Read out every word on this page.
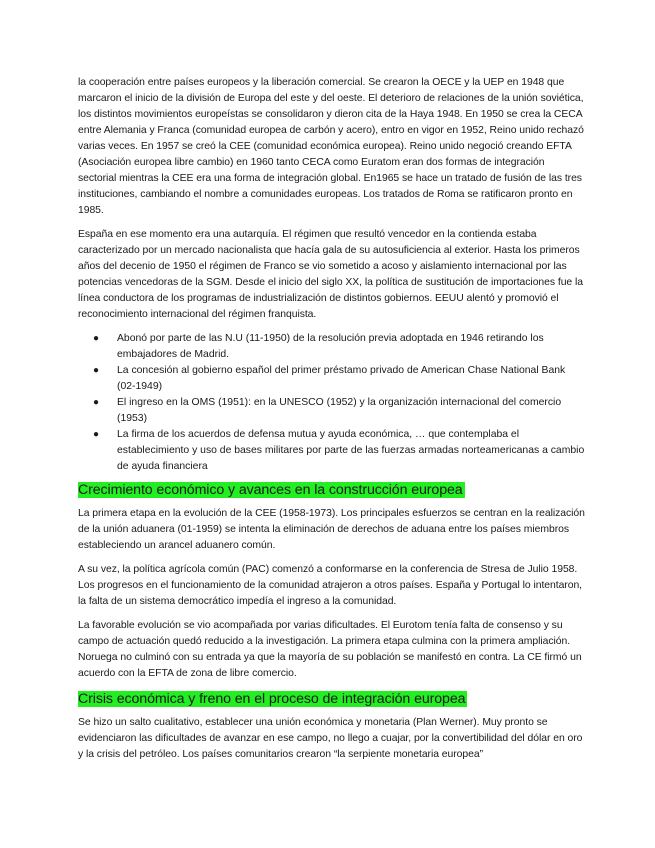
la cooperación entre países europeos y la liberación comercial. Se crearon la OECE y la UEP en 1948 que marcaron el inicio de la división de Europa del este y del oeste. El deterioro de relaciones de la unión soviética, los distintos movimientos europeístas se consolidaron y dieron cita de la Haya 1948. En 1950 se crea la CECA entre Alemania y Franca (comunidad europea de carbón y acero), entro en vigor en 1952, Reino unido rechazó varias veces. En 1957 se creó la CEE (comunidad económica europea). Reino unido negoció creando EFTA (Asociación europea libre cambio) en 1960 tanto CECA como Euratom eran dos formas de integración sectorial mientras la CEE era una forma de integración global. En1965 se hace un tratado de fusión de las tres instituciones, cambiando el nombre a comunidades europeas. Los tratados de Roma se ratificaron pronto en 1985.

España en ese momento era una autarquía. El régimen que resultó vencedor en la contienda estaba caracterizado por un mercado nacionalista que hacía gala de su autosuficiencia al exterior. Hasta los primeros años del decenio de 1950 el régimen de Franco se vio sometido a acoso y aislamiento internacional por las potencias vencedoras de la SGM. Desde el inicio del siglo XX, la política de sustitución de importaciones fue la línea conductora de los programas de industrialización de distintos gobiernos. EEUU alentó y promovió el reconocimiento internacional del régimen franquista.

● Abonó por parte de las N.U (11-1950) de la resolución previa adoptada en 1946 retirando los embajadores de Madrid.
● La concesión al gobierno español del primer préstamo privado de American Chase National Bank (02-1949)
● El ingreso en la OMS (1951): en la UNESCO (1952) y la organización internacional del comercio (1953)
● La firma de los acuerdos de defensa mutua y ayuda económica, … que contemplaba el establecimiento y uso de bases militares por parte de las fuerzas armadas norteamericanas a cambio de ayuda financiera
Crecimiento económico y avances en la construcción europea

La primera etapa en la evolución de la CEE (1958-1973). Los principales esfuerzos se centran en la realización de la unión aduanera (01-1959) se intenta la eliminación de derechos de aduana entre los países miembros estableciendo un arancel aduanero común.

A su vez, la política agrícola común (PAC) comenzó a conformarse en la conferencia de Stresa de Julio 1958. Los progresos en el funcionamiento de la comunidad atrajeron a otros países. España y Portugal lo intentaron, la falta de un sistema democrático impedía el ingreso a la comunidad.

La favorable evolución se vio acompañada por varias dificultades. El Eurotom tenía falta de consenso y su campo de actuación quedó reducido a la investigación. La primera etapa culmina con la primera ampliación. Noruega no culminó con su entrada ya que la mayoría de su población se manifestó en contra. La CE firmó un acuerdo con la EFTA de zona de libre comercio.

Crisis económica y freno en el proceso de integración europea

Se hizo un salto cualitativo, establecer una unión económica y monetaria (Plan Werner). Muy pronto se evidenciaron las dificultades de avanzar en ese campo, no llego a cuajar, por la convertibilidad del dólar en oro y la crisis del petróleo. Los países comunitarios crearon “la serpiente monetaria europea”
